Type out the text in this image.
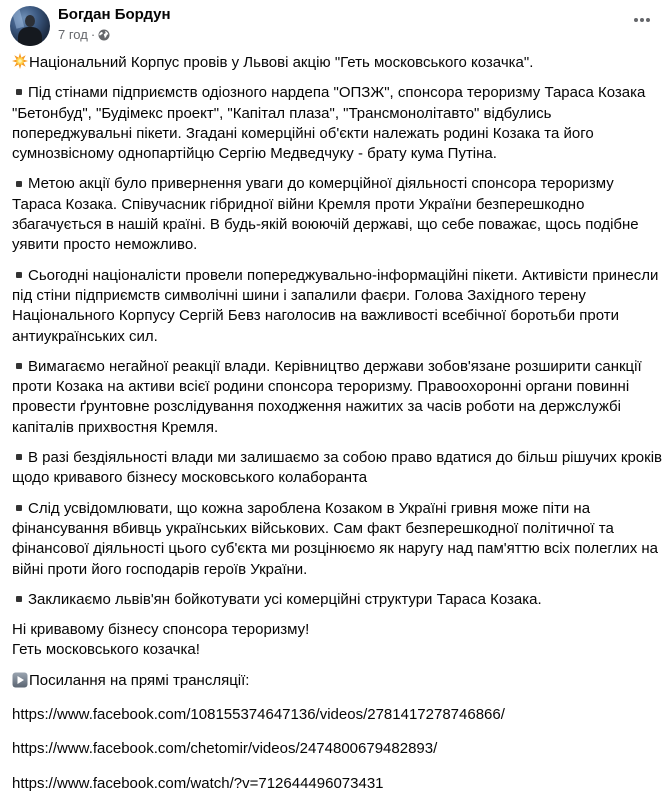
Богдан Бордун
7 год ·

Національний Корпус провів у Львові акцію "Геть московського козачка".

Під стінами підприємств одіозного нардепа "ОПЗЖ", спонсора тероризму Тараса Козака "Бетонбуд", "Будімекс проект", "Капітал плаза", "Трансмонолітавто" відбулись попереджувальні пікети. Згадані комерційні об'єкти належать родині Козака та його сумнозвісному однопартійцю Сергію Медведчуку - брату кума Путіна.

Метою акції було привернення уваги до комерційної діяльності спонсора тероризму Тараса Козака. Співучасник гібридної війни Кремля проти України безперешкодно збагачується в нашій країні. В будь-якій воюючій державі, що себе поважає, щось подібне уявити просто неможливо.

Сьогодні націоналісти провели попереджувально-інформаційні пікети. Активісти принесли під стіни підприємств символічні шини і запалили фаєри. Голова Західного терену Національного Корпусу Сергій Бевз наголосив на важливості всебічної боротьби проти антиукраїнських сил.

Вимагаємо негайної реакції влади. Керівництво держави зобов'язане розширити санкції проти Козака на активи всієї родини спонсора тероризму. Правоохоронні органи повинні провести ґрунтовне розслідування походження нажитих за часів роботи на держслужбі капіталів прихвостня Кремля.

В разі бездіяльності влади ми залишаємо за собою право вдатися до більш рішучих кроків щодо кривавого бізнесу московського колаборанта

Слід усвідомлювати, що кожна зароблена Козаком в Україні гривня може піти на фінансування вбивць українських військових. Сам факт безперешкодної політичної та фінансової діяльності цього суб'єкта ми розцінюємо як наругу над пам'яттю всіх полеглих на війні проти його господарів героїв України.

Закликаємо львів'ян бойкотувати усі комерційні структури Тараса Козака.

Ні кривавому бізнесу спонсора тероризму!
Геть московського козачка!

Посилання на прямі трансляції:

https://www.facebook.com/108155374647136/videos/2781417278746866/

https://www.facebook.com/chetomir/videos/2474800679482893/

https://www.facebook.com/watch/?v=712644496073431
